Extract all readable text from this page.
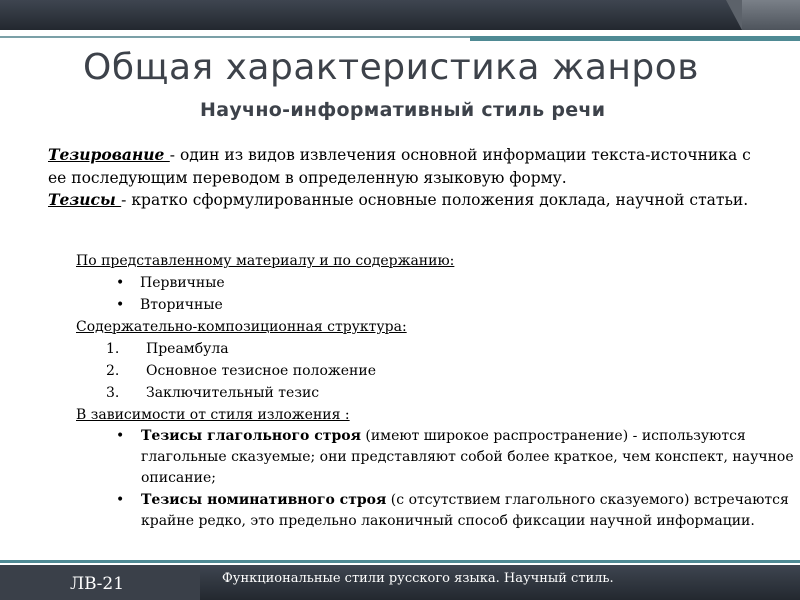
Общая характеристика жанров
Научно-информативный стиль речи
Тезирование - один из видов извлечения основной информации текста-источника с ее последующим переводом в определенную языковую форму.
Тезисы - кратко сформулированные основные положения доклада, научной статьи.
По представленному материалу и по содержанию:
•	Первичные
•	Вторичные
Содержательно-композиционная структура:
1.	Преамбула
2.	Основное тезисное положение
3.	Заключительный тезис
В зависимости от стиля изложения :
•	Тезисы глагольного строя (имеют широкое распространение) - используются глагольные сказуемые; они представляют собой более краткое, чем конспект, научное описание;
•	Тезисы номинативного строя (с отсутствием глагольного сказуемого) встречаются крайне редко, это предельно лаконичный способ фиксации научной информации.
ЛВ-21	Функциональные стили русского языка. Научный стиль.
